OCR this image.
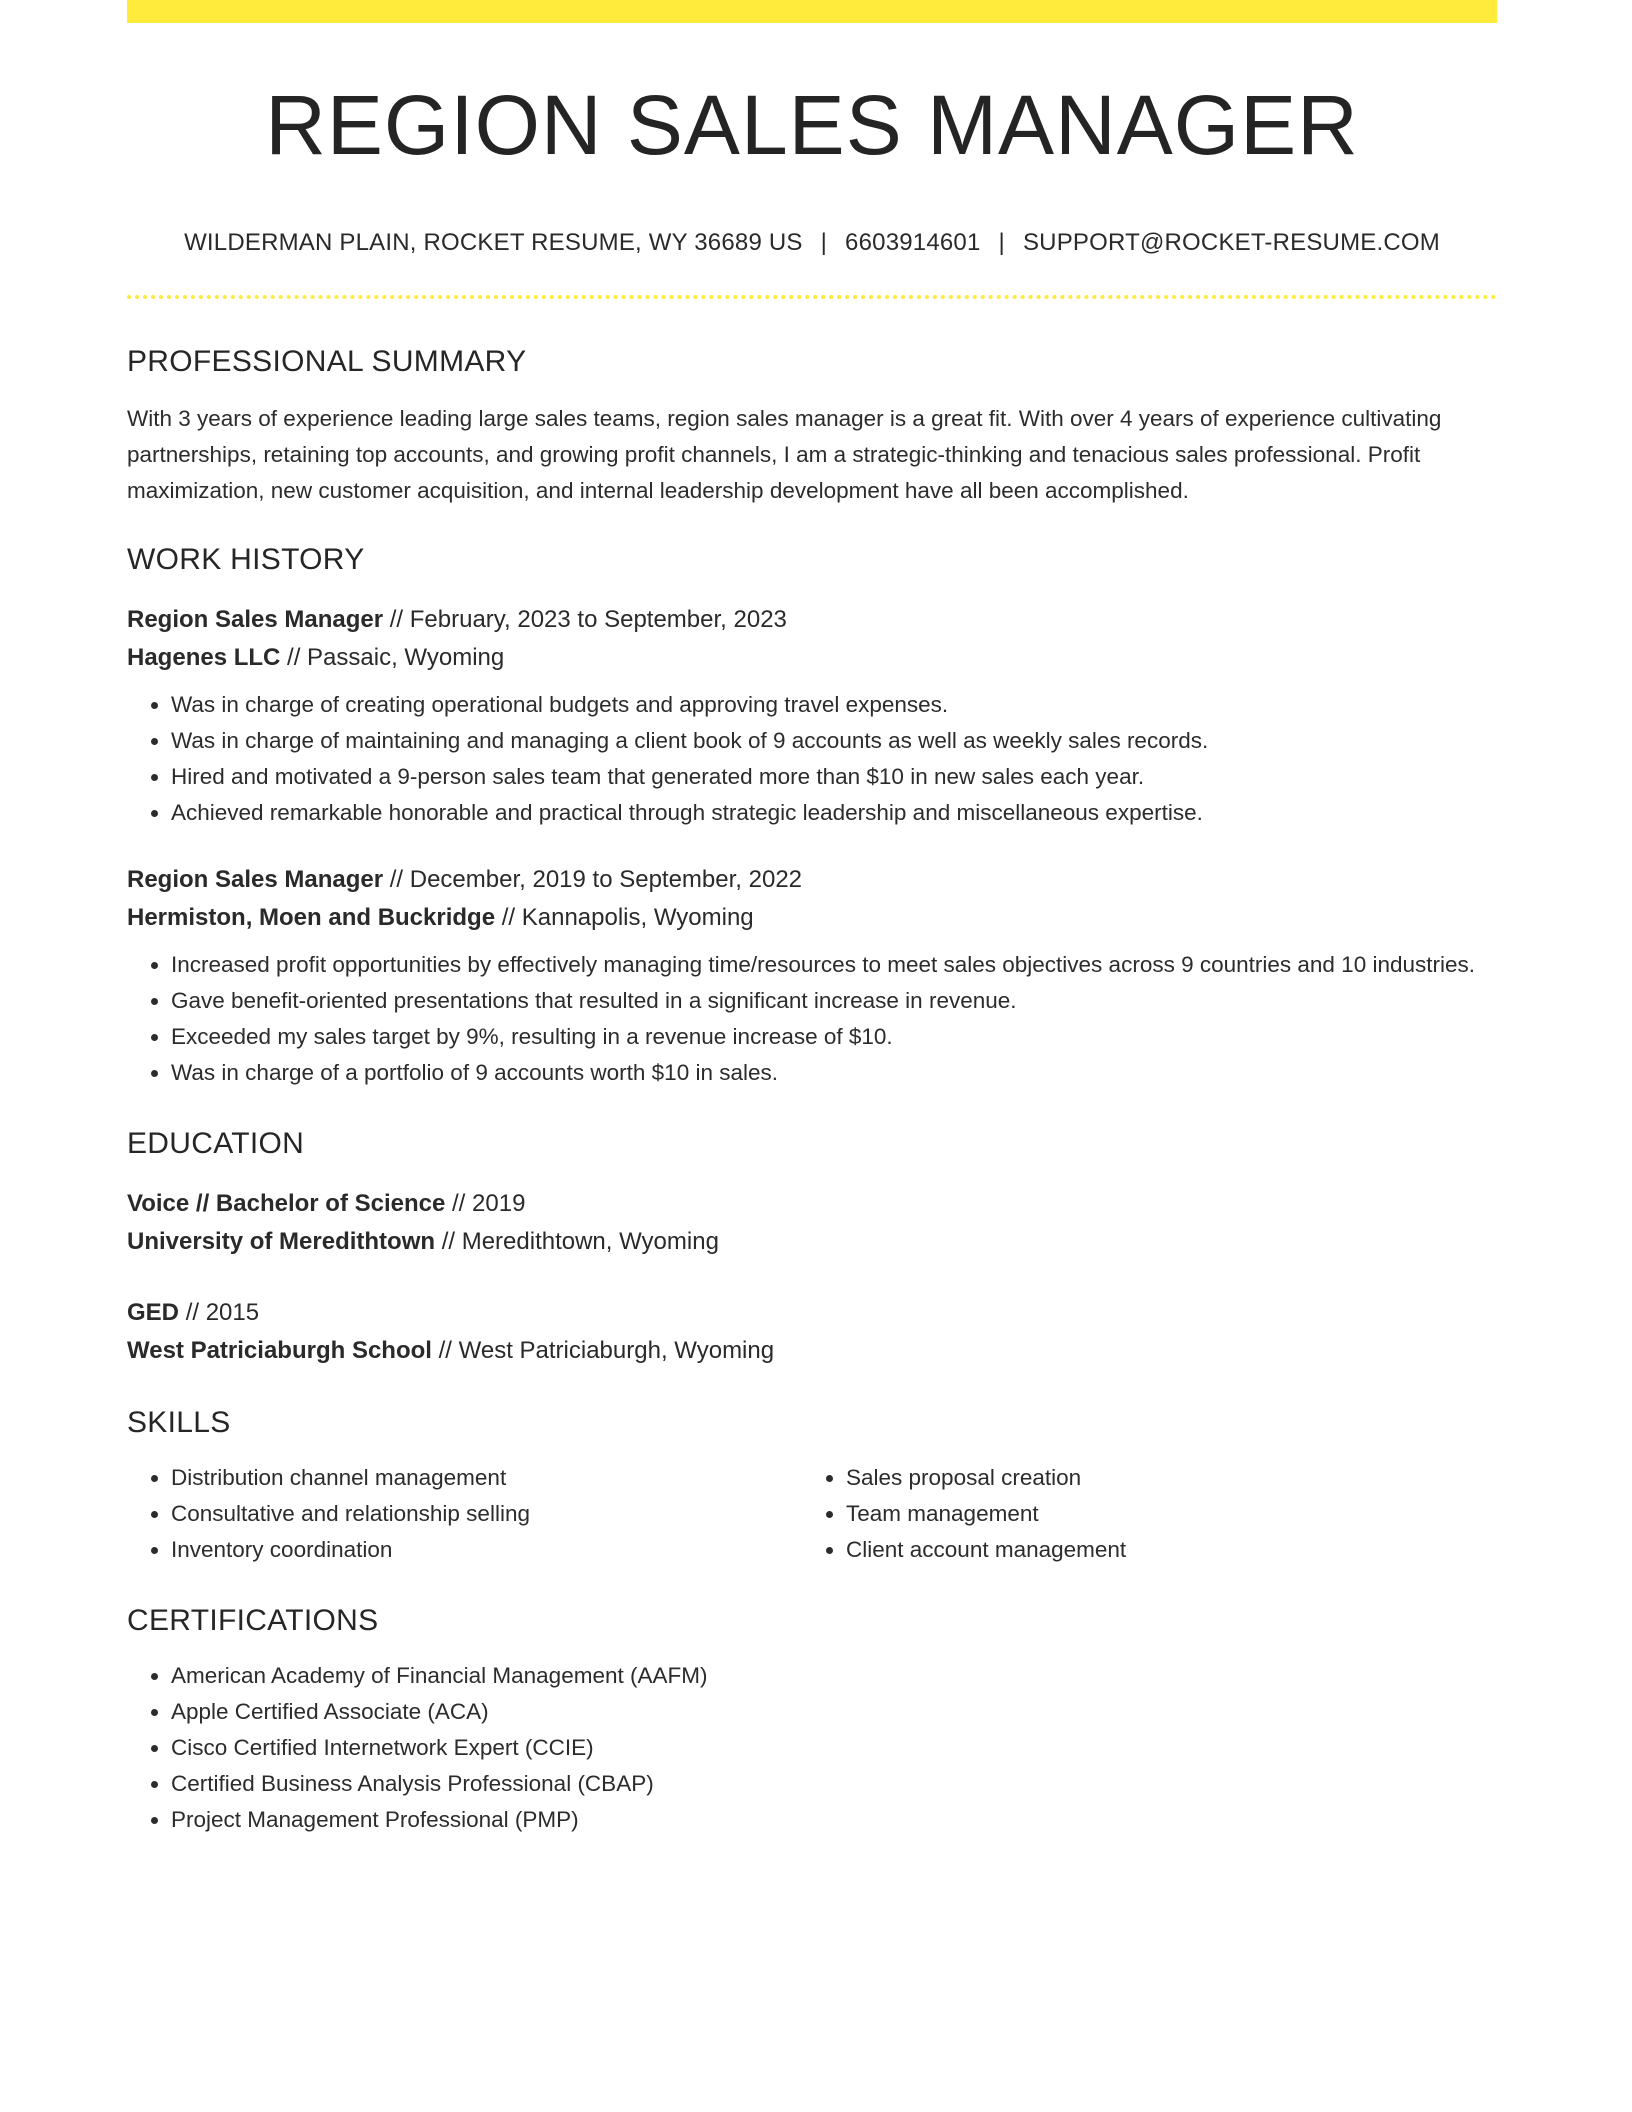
REGION SALES MANAGER
WILDERMAN PLAIN, ROCKET RESUME, WY 36689 US | 6603914601 | SUPPORT@ROCKET-RESUME.COM
PROFESSIONAL SUMMARY

With 3 years of experience leading large sales teams, region sales manager is a great fit. With over 4 years of experience cultivating partnerships, retaining top accounts, and growing profit channels, I am a strategic-thinking and tenacious sales professional. Profit maximization, new customer acquisition, and internal leadership development have all been accomplished.

WORK HISTORY
Region Sales Manager // February, 2023 to September, 2023
Hagenes LLC // Passaic, Wyoming
• Was in charge of creating operational budgets and approving travel expenses.
• Was in charge of maintaining and managing a client book of 9 accounts as well as weekly sales records.
• Hired and motivated a 9-person sales team that generated more than $10 in new sales each year.
• Achieved remarkable honorable and practical through strategic leadership and miscellaneous expertise.
Region Sales Manager // December, 2019 to September, 2022
Hermiston, Moen and Buckridge // Kannapolis, Wyoming
• Increased profit opportunities by effectively managing time/resources to meet sales objectives across 9 countries and 10 industries.
• Gave benefit-oriented presentations that resulted in a significant increase in revenue.
• Exceeded my sales target by 9%, resulting in a revenue increase of $10.
• Was in charge of a portfolio of 9 accounts worth $10 in sales.
EDUCATION
Voice // Bachelor of Science // 2019
University of Meredithtown // Meredithtown, Wyoming
GED // 2015
West Patriciaburgh School // West Patriciaburgh, Wyoming
SKILLS
• Distribution channel management
• Consultative and relationship selling
• Inventory coordination
• Sales proposal creation
• Team management
• Client account management
CERTIFICATIONS
• American Academy of Financial Management (AAFM)
• Apple Certified Associate (ACA)
• Cisco Certified Internetwork Expert (CCIE)
• Certified Business Analysis Professional (CBAP)
• Project Management Professional (PMP)
